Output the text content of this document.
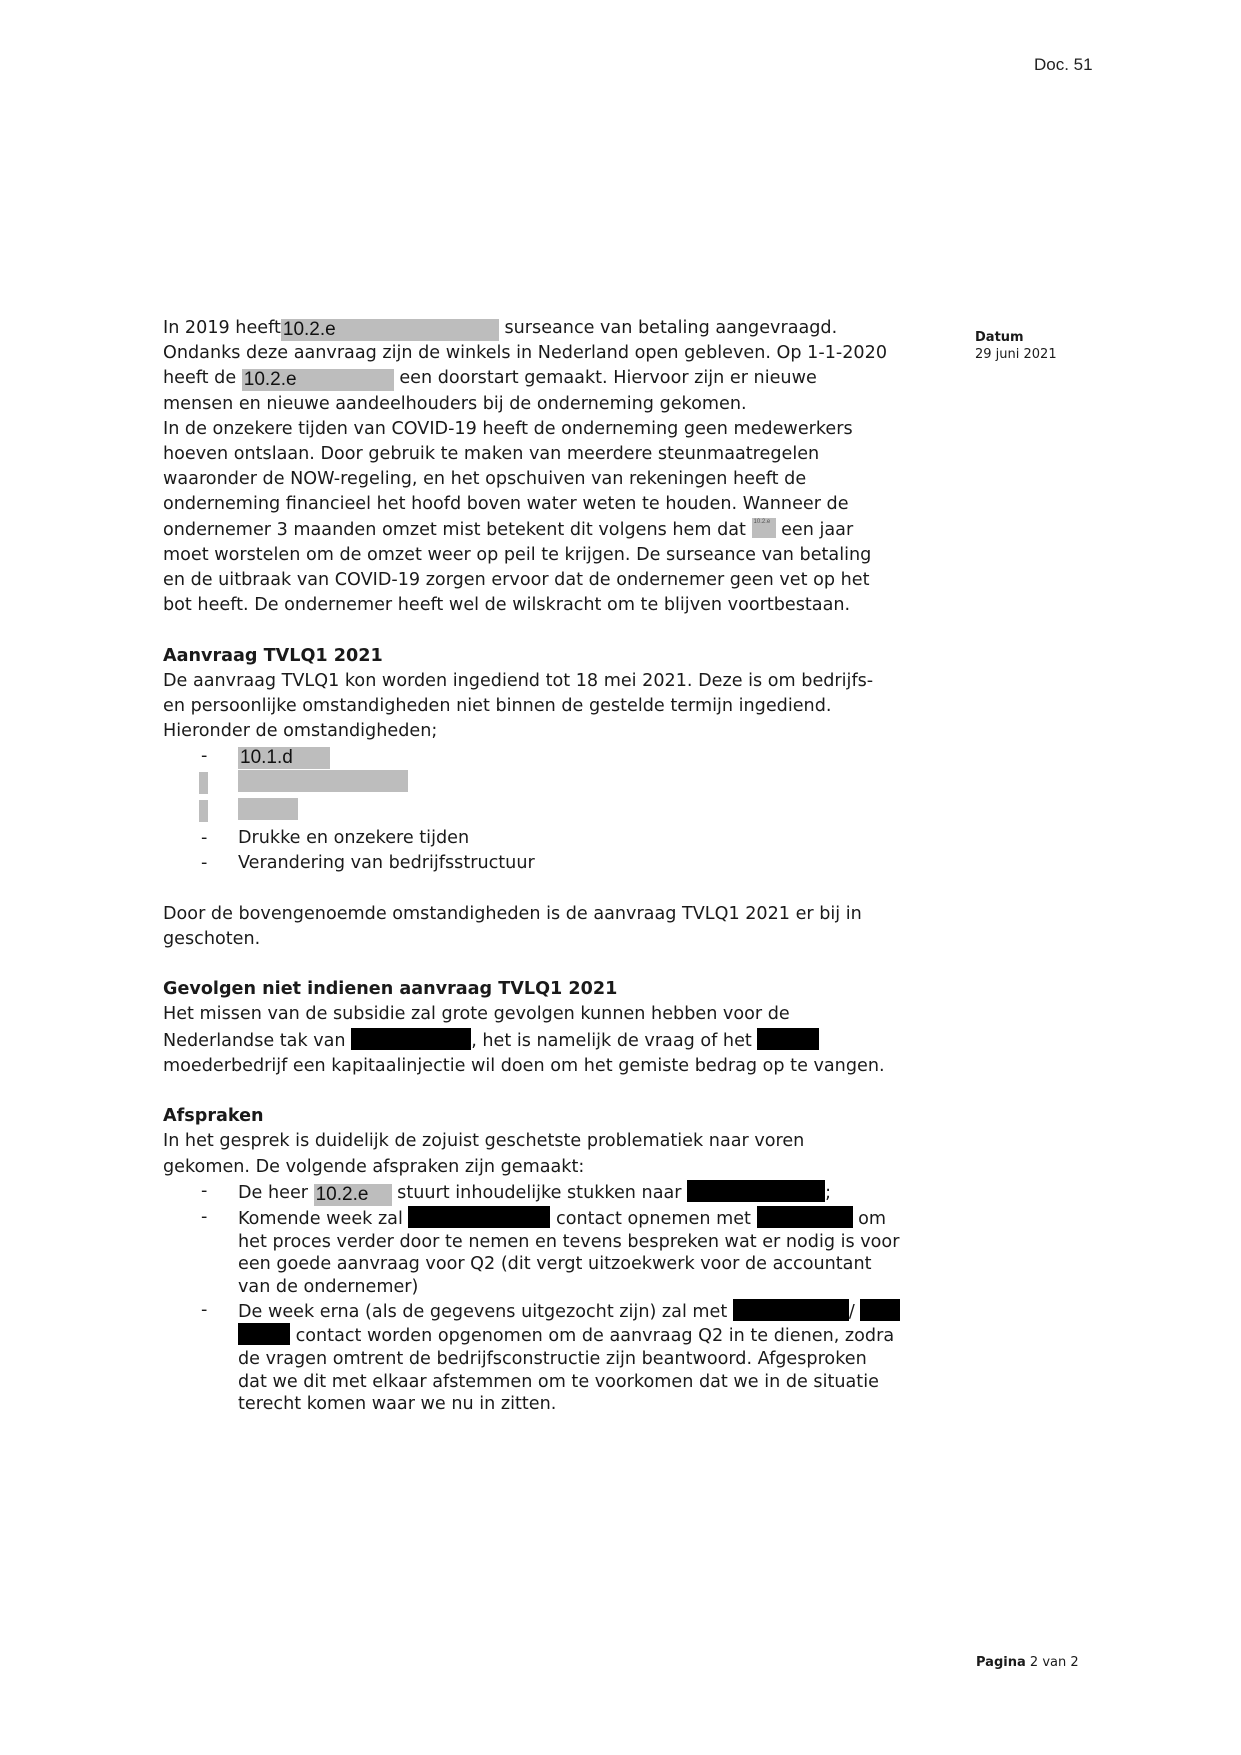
Doc. 51
Datum
29 juni 2021

In 2019 heeft 10.2.e	surseance van betaling aangevraagd.

Ondanks deze aanvraag zijn de winkels in Nederland open gebleven. Op 1-1-2020

heeft de 10.2.e	een doorstart gemaakt. Hiervoor zijn er nieuwe

mensen en nieuwe aandeelhouders bij de onderneming gekomen.

In de onzekere tijden van COVID-19 heeft de onderneming geen medewerkers

hoeven ontslaan. Door gebruik te maken van meerdere steunmaatregelen

waaronder de NOW-regeling, en het opschuiven van rekeningen heeft de

onderneming financieel het hoofd boven water weten te houden. Wanneer de

ondernemer 3 maanden omzet mist betekent dit volgens hem dat 10.2.e een jaar

moet worstelen om de omzet weer op peil te krijgen. De surseance van betaling

en de uitbraak van COVID-19 zorgen ervoor dat de ondernemer geen vet op het

bot heeft. De ondernemer heeft wel de wilskracht om te blijven voortbestaan.

Aanvraag TVLQ1 2021

De aanvraag TVLQ1 kon worden ingediend tot 18 mei 2021. Deze is om bedrijfs-

en persoonlijke omstandigheden niet binnen de gestelde termijn ingediend.

Hieronder de omstandigheden;

- 10.1.d
- Drukke en onzekere tijden
- Verandering van bedrijfsstructuur

Door de bovengenoemde omstandigheden is de aanvraag TVLQ1 2021 er bij in

geschoten.

Gevolgen niet indienen aanvraag TVLQ1 2021

Het missen van de subsidie zal grote gevolgen kunnen hebben voor de

Nederlandse tak van	, het is namelijk de vraag of het

moederbedrijf een kapitaalinjectie wil doen om het gemiste bedrag op te vangen.

Afspraken

In het gesprek is duidelijk de zojuist geschetste problematiek naar voren

gekomen. De volgende afspraken zijn gemaakt:

- De heer 10.2.e stuurt inhoudelijke stukken naar	;
- Komende week zal	contact opnemen met	om
het proces verder door te nemen en tevens bespreken wat er nodig is voor
een goede aanvraag voor Q2 (dit vergt uitzoekwerk voor de accountant
van de ondernemer)
- De week erna (als de gegevens uitgezocht zijn) zal met	/
contact worden opgenomen om de aanvraag Q2 in te dienen, zodra
de vragen omtrent de bedrijfsconstructie zijn beantwoord. Afgesproken
dat we dit met elkaar afstemmen om te voorkomen dat we in de situatie
terecht komen waar we nu in zitten.
Pagina 2 van 2
